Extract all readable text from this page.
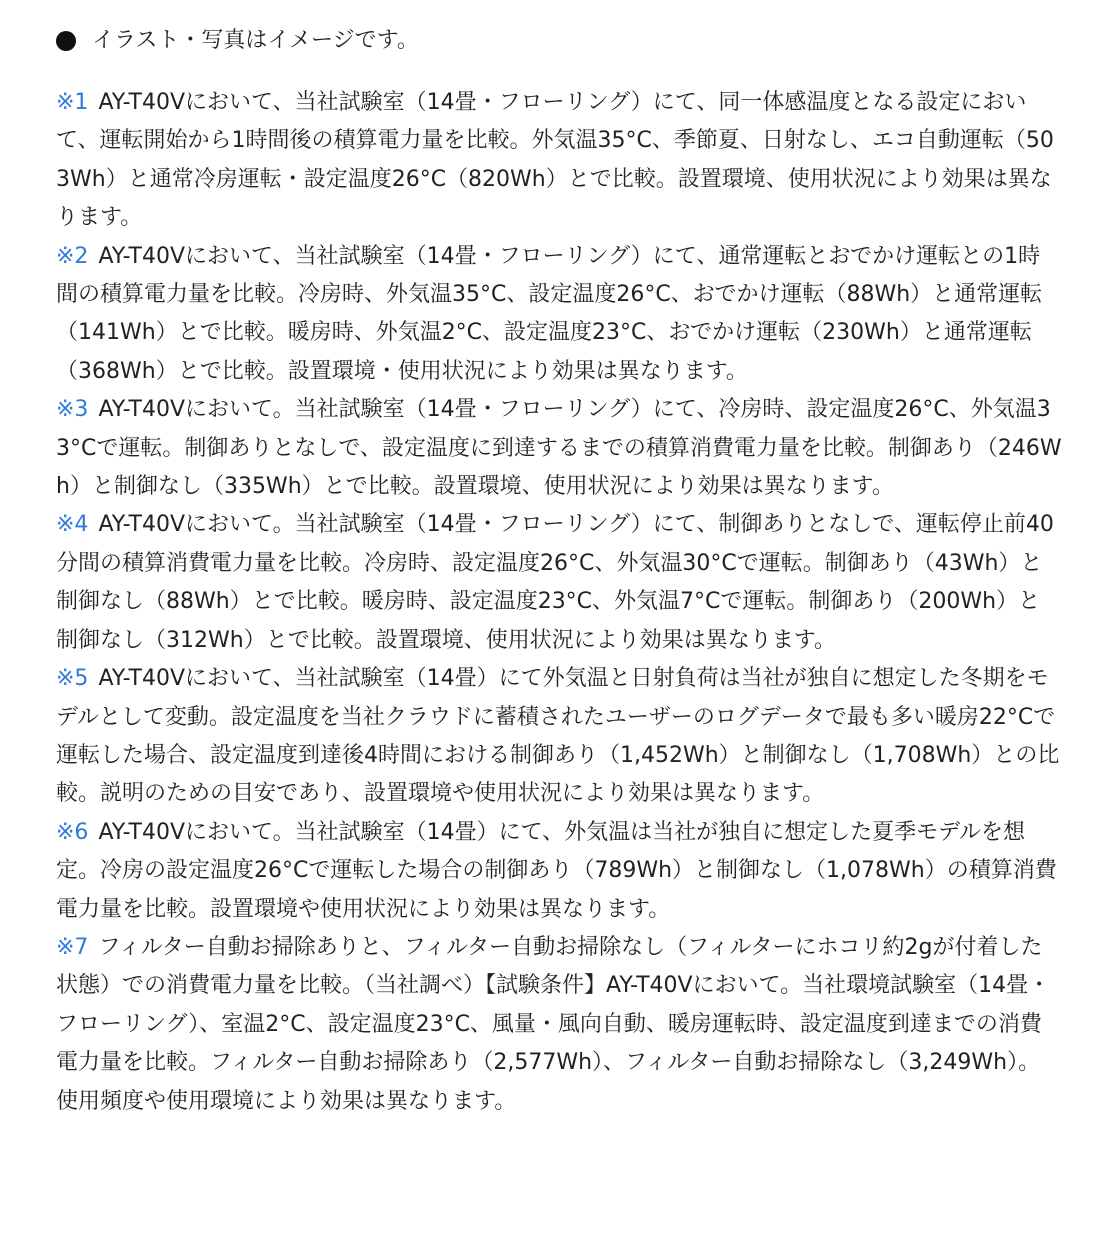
イラスト・写真はイメージです。

※1 AY-T40Vにおいて、当社試験室（14畳・フローリング）にて、同一体感温度となる設定において、運転開始から1時間後の積算電力量を比較。外気温35°C、季節夏、日射なし、エコ自動運転（503Wh）と通常冷房運転・設定温度26°C（820Wh）とで比較。設置環境、使用状況により効果は異なります。

※2 AY-T40Vにおいて、当社試験室（14畳・フローリング）にて、通常運転とおでかけ運転との1時間の積算電力量を比較。冷房時、外気温35°C、設定温度26°C、おでかけ運転（88Wh）と通常運転（141Wh）とで比較。暖房時、外気温2°C、設定温度23°C、おでかけ運転（230Wh）と通常運転（368Wh）とで比較。設置環境・使用状況により効果は異なります。

※3 AY-T40Vにおいて。当社試験室（14畳・フローリング）にて、冷房時、設定温度26°C、外気温33°Cで運転。制御ありとなしで、設定温度に到達するまでの積算消費電力量を比較。制御あり（246Wh）と制御なし（335Wh）とで比較。設置環境、使用状況により効果は異なります。

※4 AY-T40Vにおいて。当社試験室（14畳・フローリング）にて、制御ありとなしで、運転停止前40分間の積算消費電力量を比較。冷房時、設定温度26°C、外気温30°Cで運転。制御あり（43Wh）と制御なし（88Wh）とで比較。暖房時、設定温度23°C、外気温7°Cで運転。制御あり（200Wh）と制御なし（312Wh）とで比較。設置環境、使用状況により効果は異なります。

※5 AY-T40Vにおいて、当社試験室（14畳）にて外気温と日射負荷は当社が独自に想定した冬期をモデルとして変動。設定温度を当社クラウドに蓄積されたユーザーのログデータで最も多い暖房22°Cで運転した場合、設定温度到達後4時間における制御あり（1,452Wh）と制御なし（1,708Wh）との比較。説明のための目安であり、設置環境や使用状況により効果は異なります。

※6 AY-T40Vにおいて。当社試験室（14畳）にて、外気温は当社が独自に想定した夏季モデルを想定。冷房の設定温度26°Cで運転した場合の制御あり（789Wh）と制御なし（1,078Wh）の積算消費電力量を比較。設置環境や使用状況により効果は異なります。

※7 フィルター自動お掃除ありと、フィルター自動お掃除なし（フィルターにホコリ約2gが付着した状態）での消費電力量を比較。（当社調べ）【試験条件】AY-T40Vにおいて。当社環境試験室（14畳・フローリング）、室温2°C、設定温度23°C、風量・風向自動、暖房運転時、設定温度到達までの消費電力量を比較。フィルター自動お掃除あり（2,577Wh）、フィルター自動お掃除なし（3,249Wh）。使用頻度や使用環境により効果は異なります。
